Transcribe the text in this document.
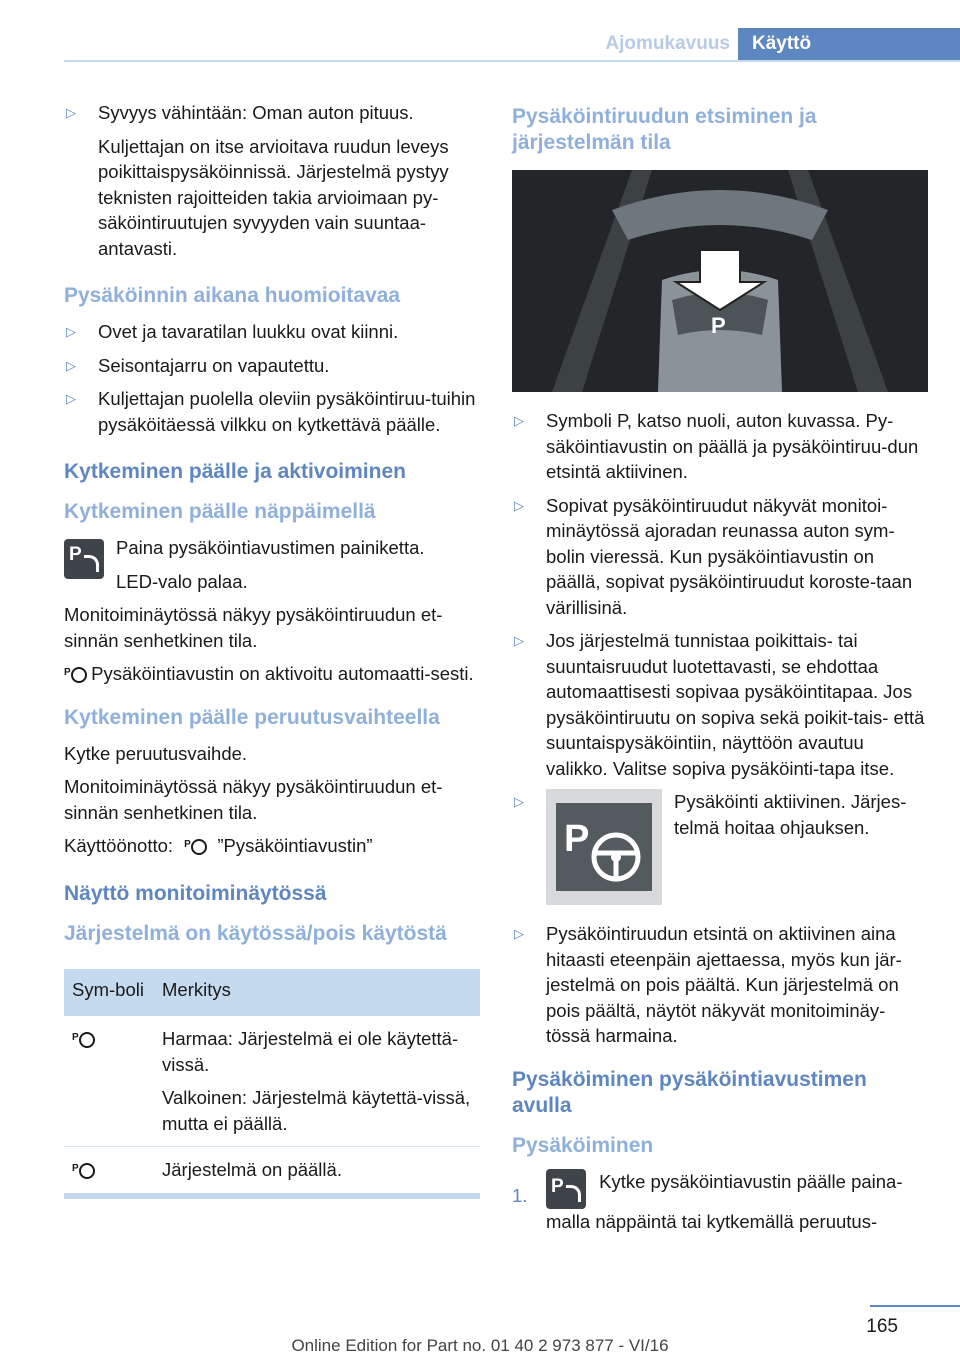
Ajomukavuus	Käyttö
▷ Syvyys vähintään: Oman auton pituus.
Kuljettajan on itse arvioitava ruudun leveys poikittaispysäköinnissä. Järjestelmä pystyy teknisten rajoitteiden takia arvioimaan py-säköintiruutujen syvyyden vain suuntaa-antavasti.
Pysäköinnin aikana huomioitavaa
▷ Ovet ja tavaratilan luukku ovat kiinni.
▷ Seisontajarru on vapautettu.
▷ Kuljettajan puolella oleviin pysäköintiruu-tuihin pysäköitäessä vilkku on kytkettävä päälle.
Kytkeminen päälle ja aktivoiminen
Kytkeminen päälle näppäimellä
P Paina pysäköintiavustimen painiketta.
LED-valo palaa.
Monitoiminäytössä näkyy pysäköintiruudun et-sinnän senhetkinen tila.
P Pysäköintiavustin on aktivoitu automaatti-sesti.
Kytkeminen päälle peruutusvaihteella
Kytke peruutusvaihde.
Monitoiminäytössä näkyy pysäköintiruudun et-sinnän senhetkinen tila.
Käyttöönotto: P ”Pysäköintiavustin”
Näyttö monitoiminäytössä
Järjestelmä on käytössä/pois käytöstä
Sym-boli	Merkitys

P	Harmaa: Järjestelmä ei ole käytettä-vissä.
Valkoinen: Järjestelmä käytettä-vissä, mutta ei päällä.

P	Järjestelmä on päällä.
Pysäköintiruudun etsiminen ja järjestelmän tila
P
▷ Symboli P, katso nuoli, auton kuvassa. Py-säköintiavustin on päällä ja pysäköintiruu-dun etsintä aktiivinen.
▷ Sopivat pysäköintiruudut näkyvät monitoi-minäytössä ajoradan reunassa auton sym-bolin vieressä. Kun pysäköintiavustin on päällä, sopivat pysäköintiruudut koroste-taan värillisinä.
▷ Jos järjestelmä tunnistaa poikittais- tai suuntaisruudut luotettavasti, se ehdottaa automaattisesti sopivaa pysäköintitapaa. Jos pysäköintiruutu on sopiva sekä poikit-tais- että suuntaispysäköintiin, näyttöön avautuu valikko. Valitse sopiva pysäköinti-tapa itse.
▷
P
Pysäköinti aktiivinen. Järjes-telmä hoitaa ohjauksen.
▷ Pysäköintiruudun etsintä on aktiivinen aina hitaasti eteenpäin ajettaessa, myös kun jär-jestelmä on pois päältä. Kun järjestelmä on pois päältä, näytöt näkyvät monitoiminäy-tössä harmaina.
Pysäköiminen pysäköintiavustimen avulla
Pysäköiminen
1. P Kytke pysäköintiavustin päälle paina-malla näppäintä tai kytkemällä peruutus-
165
Online Edition for Part no. 01 40 2 973 877 - VI/16
